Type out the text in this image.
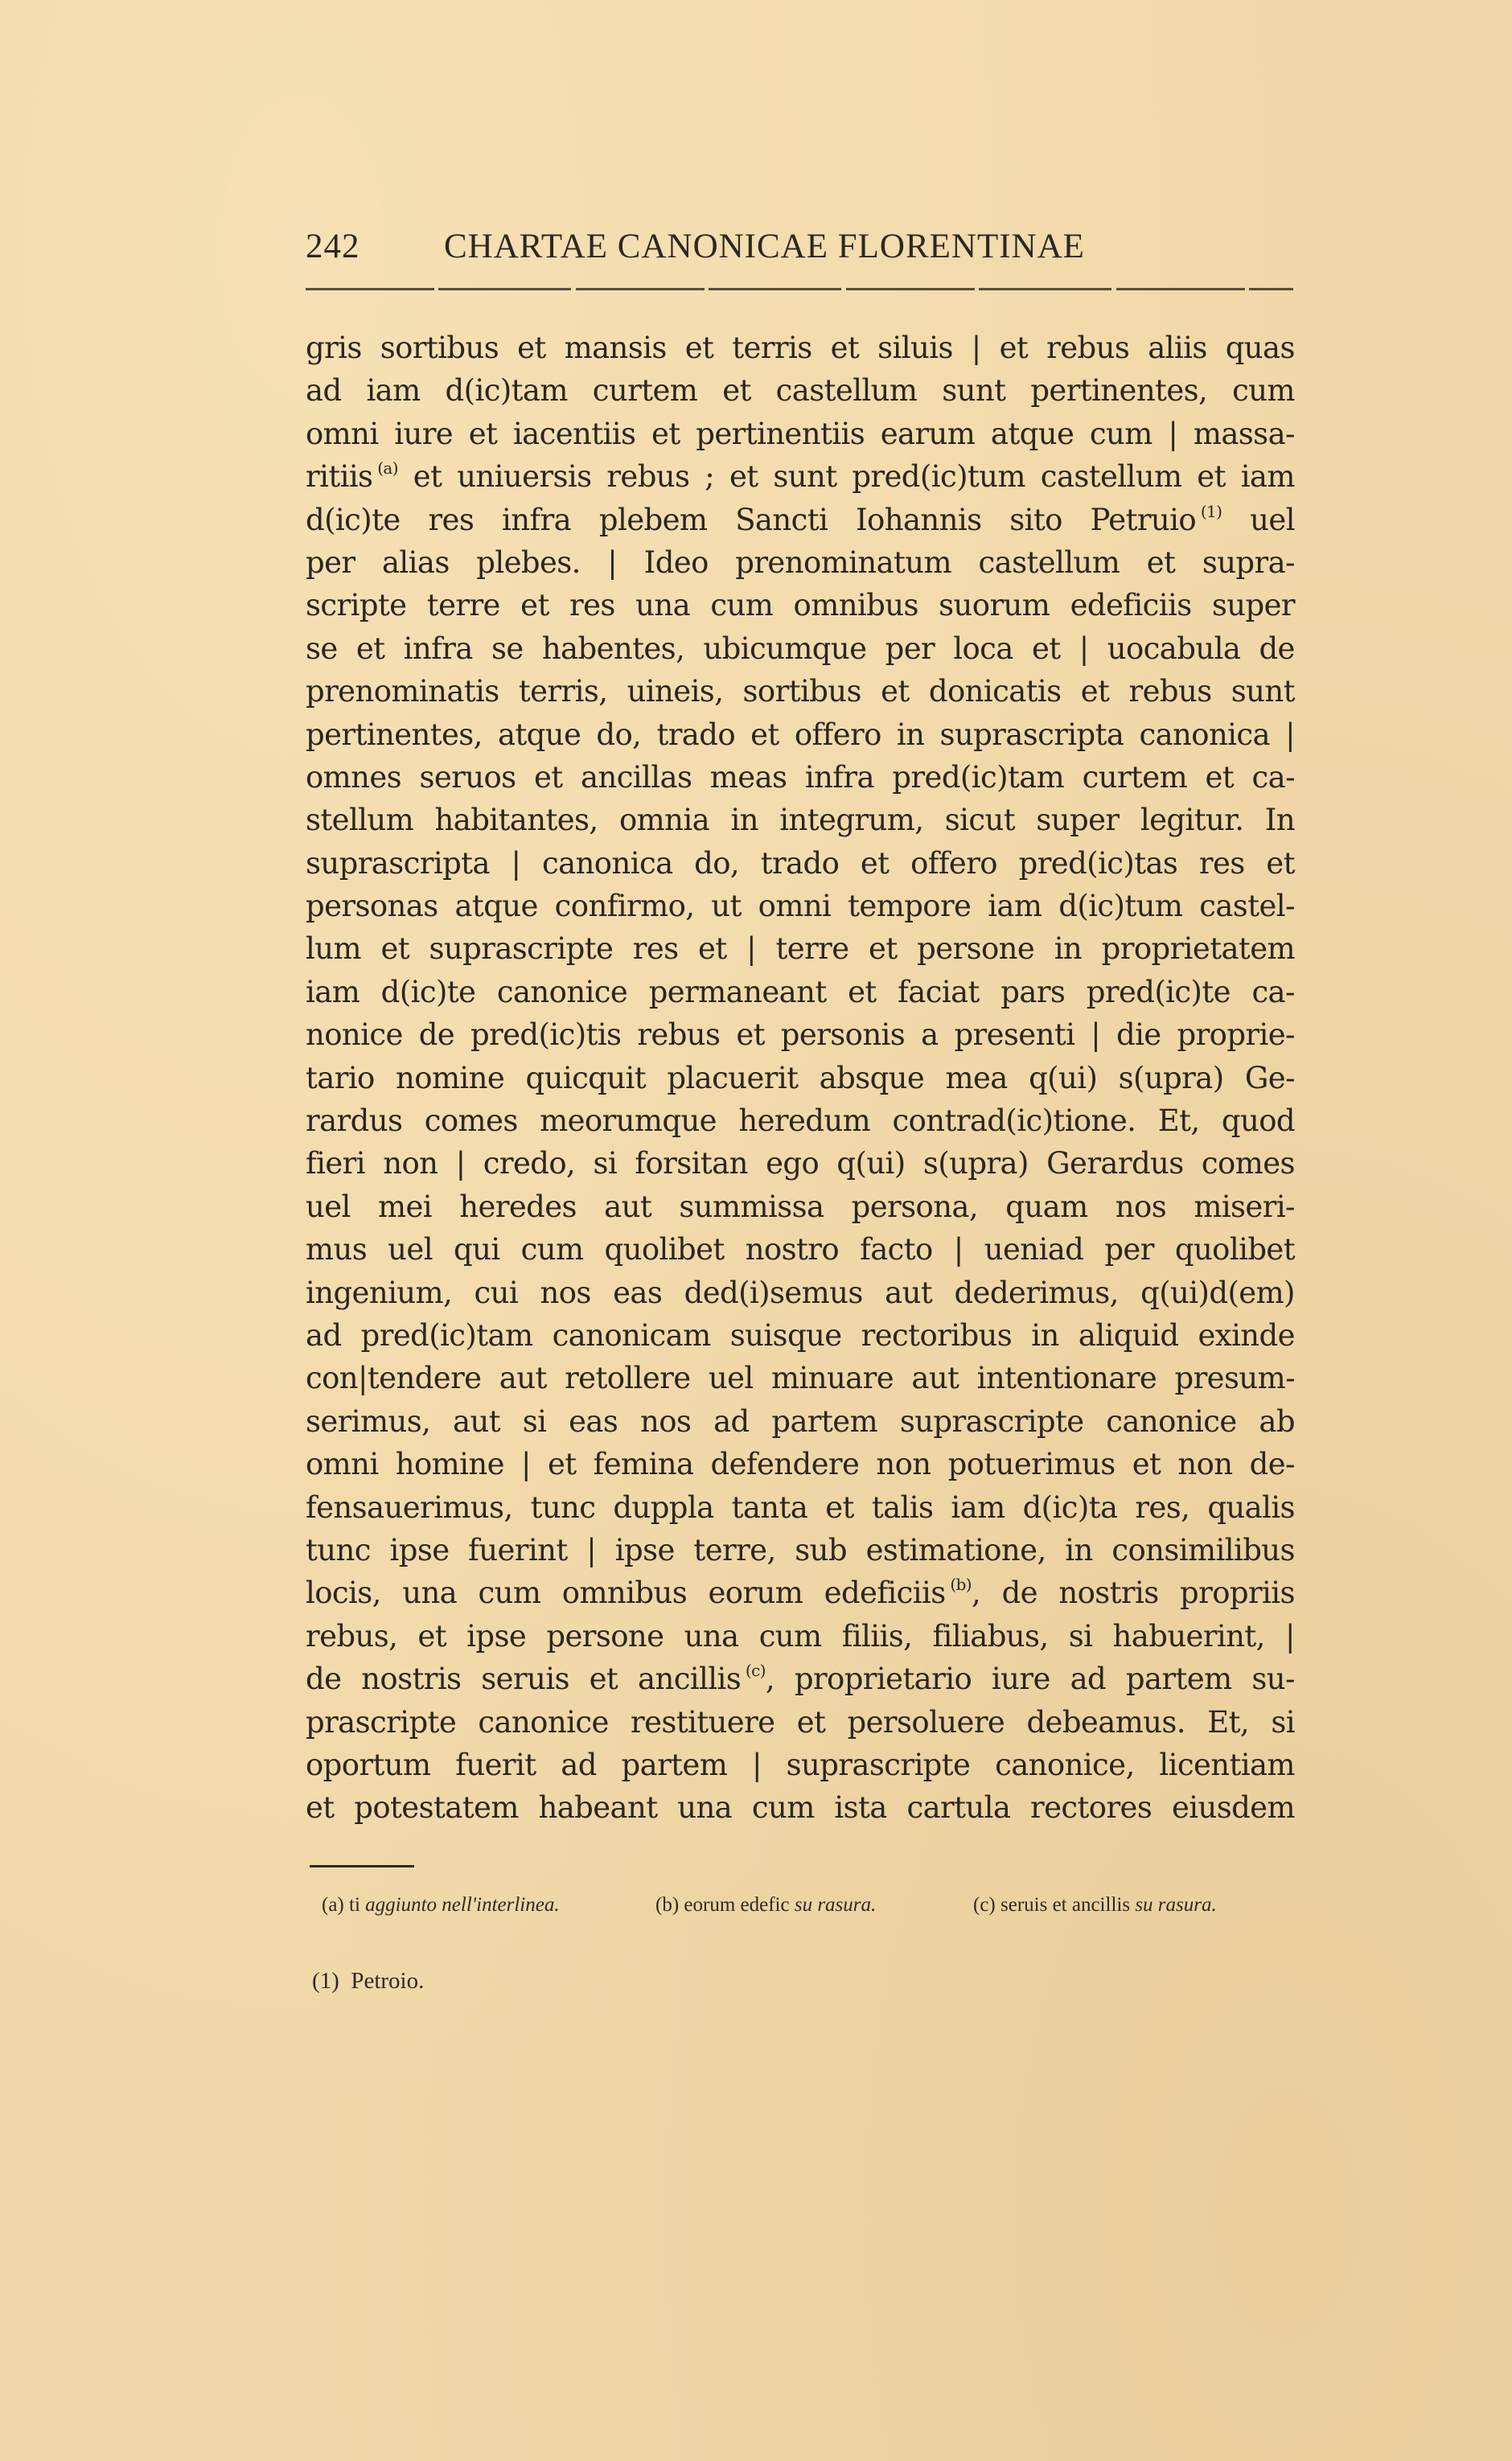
242 CHARTAE CANONICAE FLORENTINAE
gris sortibus et mansis et terris et siluis | et rebus aliis quas
ad iam d(ic)tam curtem et castellum sunt pertinentes, cum
omni iure et iacentiis et pertinentiis earum atque cum | massa-
ritiis $^{(a)}$ et uniuersis rebus ; et sunt pred(ic)tum castellum et iam
d(ic)te res infra plebem Sancti Iohannis sito Petruio $^{(1)}$ uel
per alias plebes. | Ideo prenominatum castellum et supra-
scripte terre et res una cum omnibus suorum edeficiis super
se et infra se habentes, ubicumque per loca et | uocabula de
prenominatis terris, uineis, sortibus et donicatis et rebus sunt
pertinentes, atque do, trado et offero in suprascripta canonica |
omnes seruos et ancillas meas infra pred(ic)tam curtem et ca-
stellum habitantes, omnia in integrum, sicut super legitur. In
suprascripta | canonica do, trado et offero pred(ic)tas res et
personas atque confirmo, ut omni tempore iam d(ic)tum castel-
lum et suprascripte res et | terre et persone in proprietatem
iam d(ic)te canonice permaneant et faciat pars pred(ic)te ca-
nonice de pred(ic)tis rebus et personis a presenti | die proprie-
tario nomine quicquit placuerit absque mea q(ui) s(upra) Ge-
rardus comes meorumque heredum contrad(ic)tione. Et, quod
fieri non | credo, si forsitan ego q(ui) s(upra) Gerardus comes
uel mei heredes aut summissa persona, quam nos miseri-
mus uel qui cum quolibet nostro facto | ueniad per quolibet
ingenium, cui nos eas ded(i)semus aut dederimus, q(ui)d(em)
ad pred(ic)tam canonicam suisque rectoribus in aliquid exinde
con|tendere aut retollere uel minuare aut intentionare presum-
serimus, aut si eas nos ad partem suprascripte canonice ab
omni homine | et femina defendere non potuerimus et non de-
fensauerimus, tunc duppla tanta et talis iam d(ic)ta res, qualis
tunc ipse fuerint | ipse terre, sub estimatione, in consimilibus
locis, una cum omnibus eorum edeficiis $^{(b)}$, de nostris propriis
rebus, et ipse persone una cum filiis, filiabus, si habuerint, |
de nostris seruis et ancillis $^{(c)}$, proprietario iure ad partem su-
prascripte canonice restituere et persoluere debeamus. Et, si
oportum fuerit ad partem | suprascripte canonice, licentiam
et potestatem habeant una cum ista cartula rectores eiusdem
(a) ti aggiunto nell'interlinea.	(b) eorum edefic su rasura.	(c) seruis et ancillis su rasura.
(1) Petroio.
